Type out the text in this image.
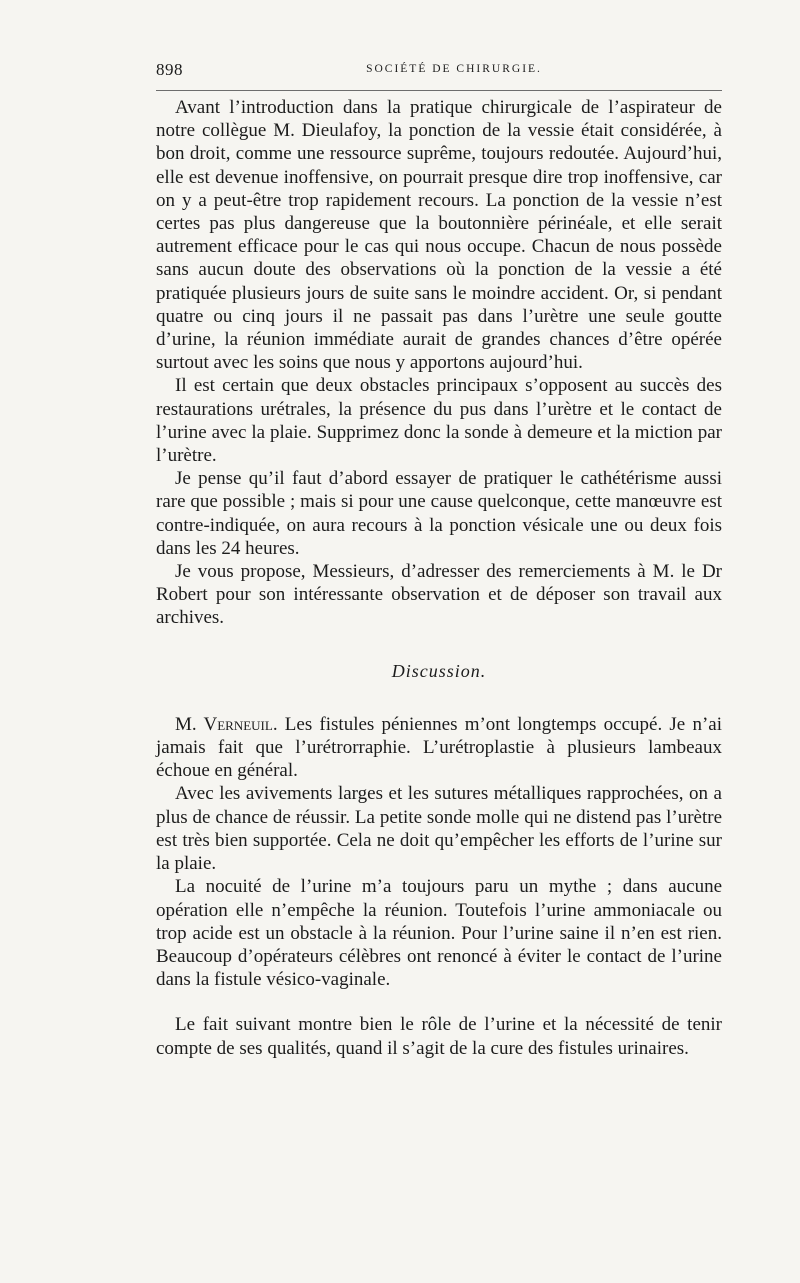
898	SOCIÉTÉ DE CHIRURGIE.

Avant l’introduction dans la pratique chirurgicale de l’aspirateur de notre collègue M. Dieulafoy, la ponction de la vessie était considérée, à bon droit, comme une ressource suprême, toujours redoutée. Aujourd’hui, elle est devenue inoffensive, on pourrait presque dire trop inoffensive, car on y a peut-être trop rapidement recours. La ponction de la vessie n’est certes pas plus dangereuse que la boutonnière périnéale, et elle serait autrement efficace pour le cas qui nous occupe. Chacun de nous possède sans aucun doute des observations où la ponction de la vessie a été pratiquée plusieurs jours de suite sans le moindre accident. Or, si pendant quatre ou cinq jours il ne passait pas dans l’urètre une seule goutte d’urine, la réunion immédiate aurait de grandes chances d’être opérée surtout avec les soins que nous y apportons aujourd’hui.

Il est certain que deux obstacles principaux s’opposent au succès des restaurations urétrales, la présence du pus dans l’urètre et le contact de l’urine avec la plaie. Supprimez donc la sonde à demeure et la miction par l’urètre.

Je pense qu’il faut d’abord essayer de pratiquer le cathétérisme aussi rare que possible ; mais si pour une cause quelconque, cette manœuvre est contre-indiquée, on aura recours à la ponction vésicale une ou deux fois dans les 24 heures.

Je vous propose, Messieurs, d’adresser des remerciements à M. le Dr Robert pour son intéressante observation et de déposer son travail aux archives.

Discussion.

M. Verneuil. Les fistules péniennes m’ont longtemps occupé. Je n’ai jamais fait que l’urétrorraphie. L’urétroplastie à plusieurs lambeaux échoue en général.

Avec les avivements larges et les sutures métalliques rapprochées, on a plus de chance de réussir. La petite sonde molle qui ne distend pas l’urètre est très bien supportée. Cela ne doit qu’empêcher les efforts de l’urine sur la plaie.

La nocuité de l’urine m’a toujours paru un mythe ; dans aucune opération elle n’empêche la réunion. Toutefois l’urine ammoniacale ou trop acide est un obstacle à la réunion. Pour l’urine saine il n’en est rien. Beaucoup d’opérateurs célèbres ont renoncé à éviter le contact de l’urine dans la fistule vésico-vaginale.

Le fait suivant montre bien le rôle de l’urine et la nécessité de tenir compte de ses qualités, quand il s’agit de la cure des fistules urinaires.
